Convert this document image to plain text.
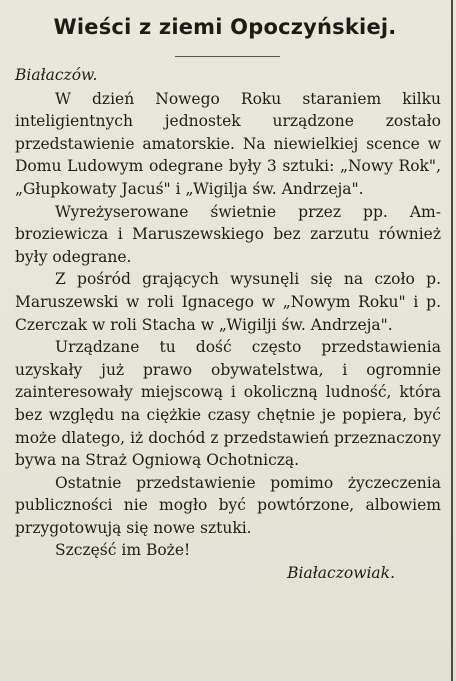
Wieści z ziemi Opoczyńskiej.

Białaczów.

W dzień Nowego Roku staraniem kilku inteligientnych jednostek urządzone zostało przedstawienie amatorskie. Na niewielkiej scence w Domu Ludowym odegrane były 3 sztuki: „Nowy Rok", „Głupkowaty Jacuś" i „Wigilja św. Andrzeja".

Wyreżyserowane świetnie przez pp. Ambroziewicza i Maruszewskiego bez zarzutu również były odegrane.

Z pośród grających wysunęli się na czoło p. Maruszewski w roli Ignacego w „Nowym Roku" i p. Czerczak w roli Stacha w „Wigilji św. Andrzeja".

Urządzane tu dość często przedstawienia uzyskały już prawo obywatelstwa, i ogromnie zainteresowały miejscową i okoliczną ludność, która bez względu na ciężkie czasy chętnie je popiera, być może dlatego, iż dochód z przedstawień przeznaczony bywa na Straż Ogniową Ochotniczą.

Ostatnie przedstawienie pomimo życzeczenia publiczności nie mogło być powtórzone, albowiem przygotowują się nowe sztuki.

Szczęść im Boże!

Białaczowiak.
